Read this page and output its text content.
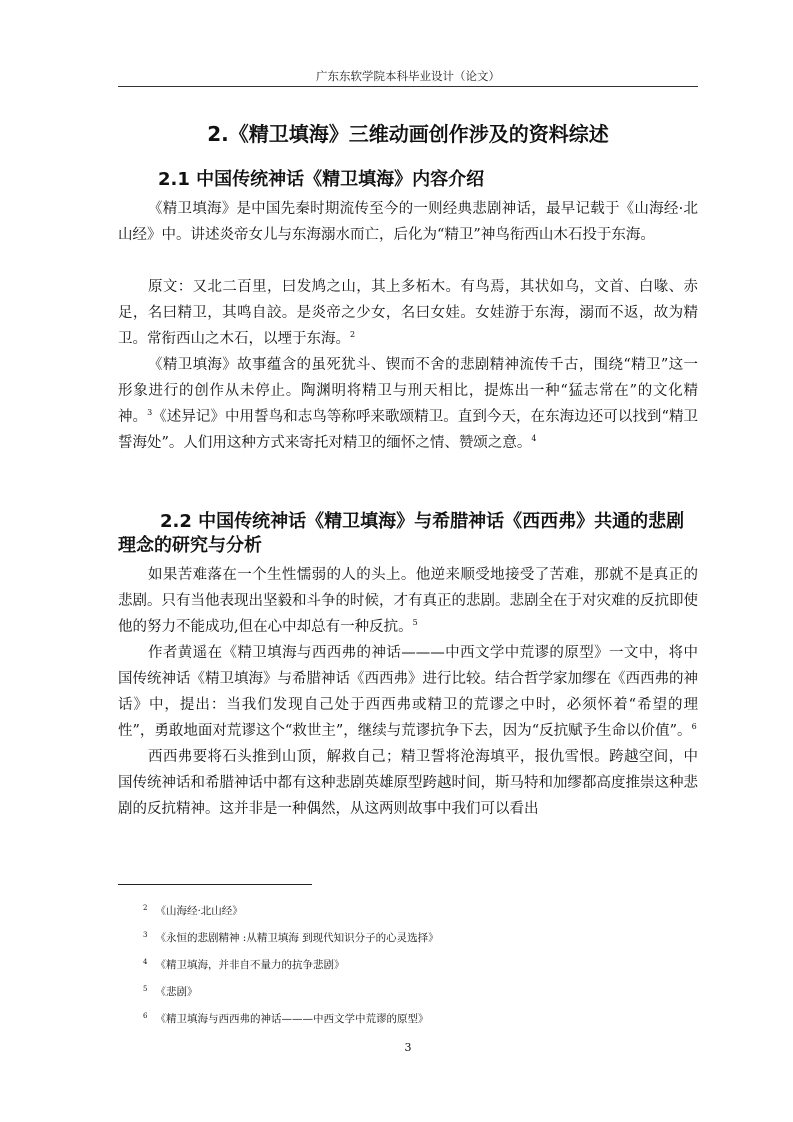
广东东软学院本科毕业设计（论文）
2.《精卫填海》三维动画创作涉及的资料综述
2.1 中国传统神话《精卫填海》内容介绍

《精卫填海》是中国先秦时期流传至今的一则经典悲剧神话，最早记载于《山海经·北山经》中。讲述炎帝女儿与东海溺水而亡，后化为“精卫”神鸟衔西山木石投于东海。

原文：又北二百里，曰发鸠之山，其上多柘木。有鸟焉，其状如乌，文首、白喙、赤足，名曰精卫，其鸣自詨。是炎帝之少女，名曰女娃。女娃游于东海，溺而不返，故为精卫。常衔西山之木石，以堙于东海。$^2$

《精卫填海》故事蕴含的虽死犹斗、锲而不舍的悲剧精神流传千古，围绕“精卫”这一形象进行的创作从未停止。陶渊明将精卫与刑天相比，提炼出一种“猛志常在”的文化精神。$^3$《述异记》中用誓鸟和志鸟等称呼来歌颂精卫。直到今天，在东海边还可以找到“精卫誓海处”。人们用这种方式来寄托对精卫的缅怀之情、赞颂之意。$^4$

2.2 中国传统神话《精卫填海》与希腊神话《西西弗》共通的悲剧理念的研究与分析

如果苦难落在一个生性懦弱的人的头上。他逆来顺受地接受了苦难，那就不是真正的悲剧。只有当他表现出坚毅和斗争的时候，才有真正的悲剧。悲剧全在于对灾难的反抗即使他的努力不能成功,但在心中却总有一种反抗。$^5$

作者黄遥在《精卫填海与西西弗的神话———中西文学中荒谬的原型》一文中，将中国传统神话《精卫填海》与希腊神话《西西弗》进行比较。结合哲学家加缪在《西西弗的神话》中，提出：当我们发现自己处于西西弗或精卫的荒谬之中时，必须怀着“希望的理性”，勇敢地面对荒谬这个“救世主”，继续与荒谬抗争下去，因为“反抗赋予生命以价值”。$^6$

西西弗要将石头推到山顶，解救自己；精卫誓将沧海填平，报仇雪恨。跨越空间，中国传统神话和希腊神话中都有这种悲剧英雄原型跨越时间，斯马特和加缪都高度推崇这种悲剧的反抗精神。这并非是一种偶然，从这两则故事中我们可以看出

$^2$ 《山海经·北山经》
$^3$ 《永恒的悲剧精神 :从精卫填海 到现代知识分子的心灵选择》
$^4$ 《精卫填海，并非自不量力的抗争悲剧》
$^5$ 《悲剧》
$^6$ 《精卫填海与西西弗的神话———中西文学中荒谬的原型》
3
